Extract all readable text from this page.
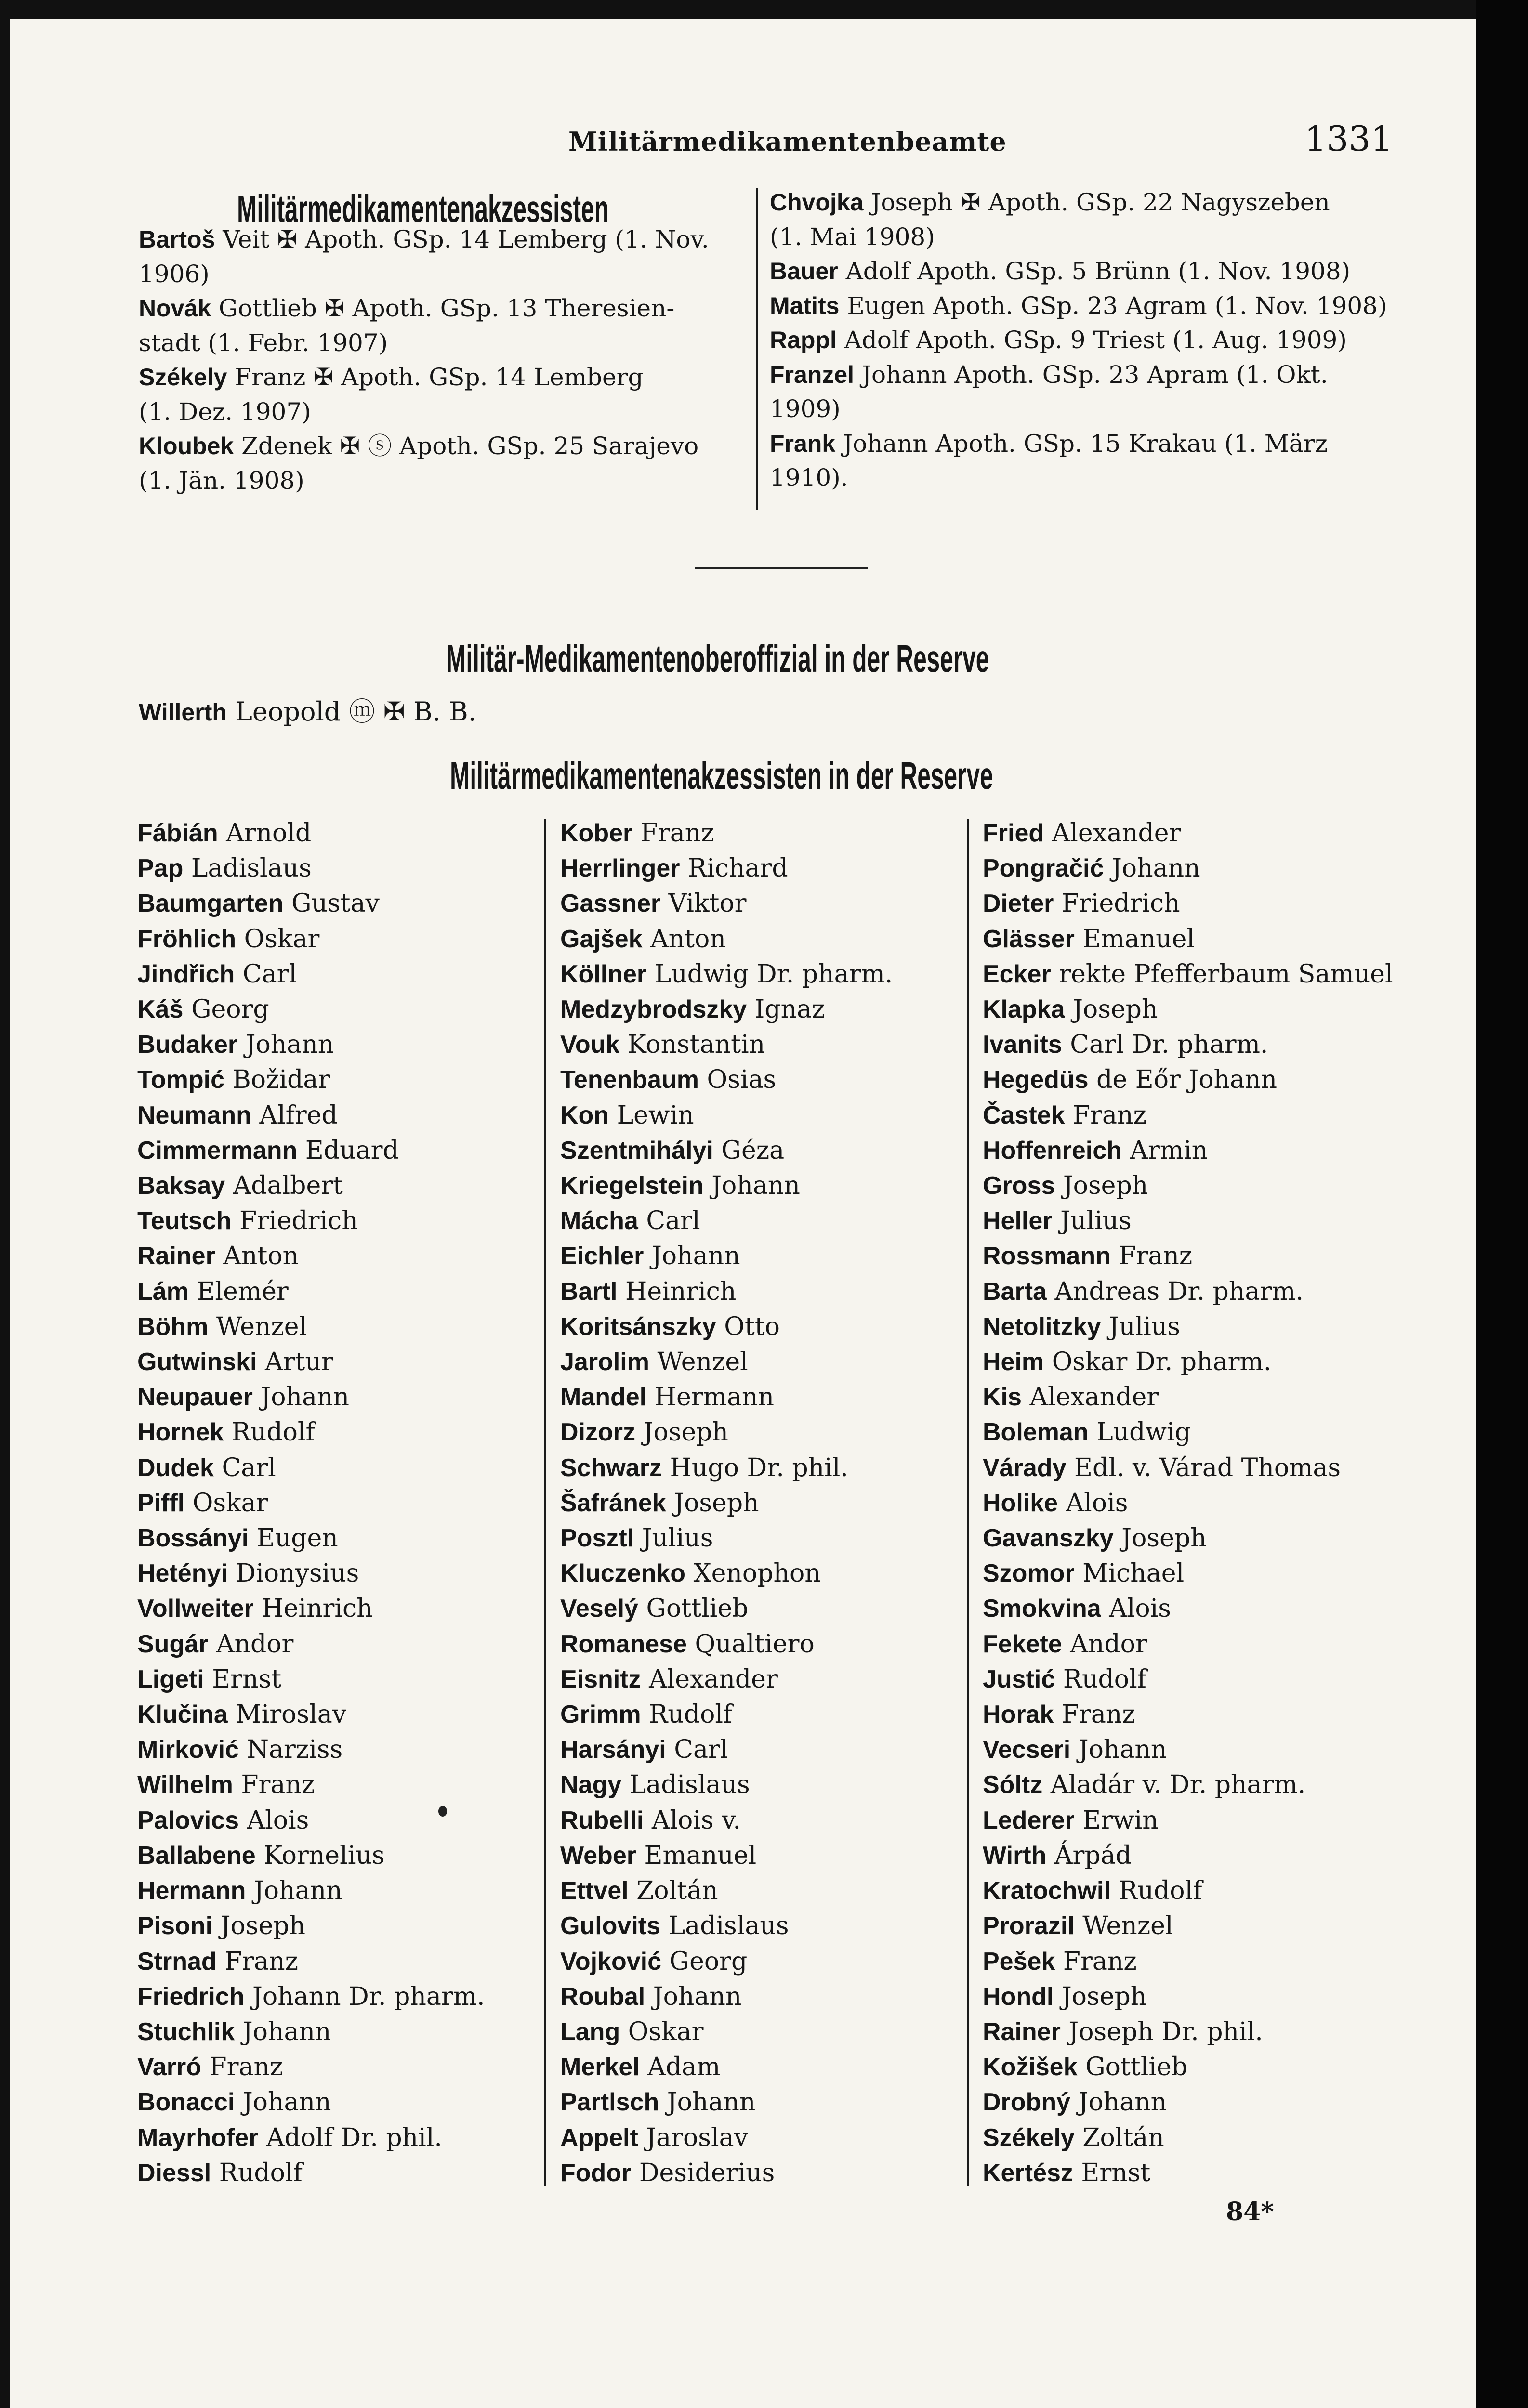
Militärmedikamentenbeamte	1331
Militärmedikamentenakzessisten
Bartoš Veit ✠ Apoth. GSp. 14 Lemberg (1. Nov.
1906)
Novák Gottlieb ✠ Apoth. GSp. 13 Theresien-
stadt (1. Febr. 1907)
Székely Franz ✠ Apoth. GSp. 14 Lemberg
(1. Dez. 1907)
Kloubek Zdenek ✠ ⓢ Apoth. GSp. 25 Sarajevo
(1. Jän. 1908)
Chvojka Joseph ✠ Apoth. GSp. 22 Nagyszeben
(1. Mai 1908)
Bauer Adolf Apoth. GSp. 5 Brünn (1. Nov. 1908)
Matits Eugen Apoth. GSp. 23 Agram (1. Nov. 1908)
Rappl Adolf Apoth. GSp. 9 Triest (1. Aug. 1909)
Franzel Johann Apoth. GSp. 23 Apram (1. Okt.
1909)
Frank Johann Apoth. GSp. 15 Krakau (1. März
1910).
Militär-Medikamentenoberoffizial in der Reserve
Willerth Leopold ⓜ ✠ B. B.
Militärmedikamentenakzessisten in der Reserve
Fábián Arnold
Pap Ladislaus
Baumgarten Gustav
Fröhlich Oskar
Jindřich Carl
Káš Georg
Budaker Johann
Tompić Božidar
Neumann Alfred
Cimmermann Eduard
Baksay Adalbert
Teutsch Friedrich
Rainer Anton
Lám Elemér
Böhm Wenzel
Gutwinski Artur
Neupauer Johann
Hornek Rudolf
Dudek Carl
Piffl Oskar
Bossányi Eugen
Hetényi Dionysius
Vollweiter Heinrich
Sugár Andor
Ligeti Ernst
Klučina Miroslav
Mirković Narziss
Wilhelm Franz
Palovics Alois
Ballabene Kornelius
Hermann Johann
Pisoni Joseph
Strnad Franz
Friedrich Johann Dr. pharm.
Stuchlik Johann
Varró Franz
Bonacci Johann
Mayrhofer Adolf Dr. phil.
Diessl Rudolf
Kober Franz
Herrlinger Richard
Gassner Viktor
Gajšek Anton
Köllner Ludwig Dr. pharm.
Medzybrodszky Ignaz
Vouk Konstantin
Tenenbaum Osias
Kon Lewin
Szentmihályi Géza
Kriegelstein Johann
Mácha Carl
Eichler Johann
Bartl Heinrich
Koritsánszky Otto
Jarolim Wenzel
Mandel Hermann
Dizorz Joseph
Schwarz Hugo Dr. phil.
Šafránek Joseph
Posztl Julius
Kluczenko Xenophon
Veselý Gottlieb
Romanese Qualtiero
Eisnitz Alexander
Grimm Rudolf
Harsányi Carl
Nagy Ladislaus
Rubelli Alois v.
Weber Emanuel
Ettvel Zoltán
Gulovits Ladislaus
Vojković Georg
Roubal Johann
Lang Oskar
Merkel Adam
Partlsch Johann
Appelt Jaroslav
Fodor Desiderius
Fried Alexander
Pongračić Johann
Dieter Friedrich
Glässer Emanuel
Ecker rekte Pfefferbaum Samuel
Klapka Joseph
Ivanits Carl Dr. pharm.
Hegedüs de Eőr Johann
Častek Franz
Hoffenreich Armin
Gross Joseph
Heller Julius
Rossmann Franz
Barta Andreas Dr. pharm.
Netolitzky Julius
Heim Oskar Dr. pharm.
Kis Alexander
Boleman Ludwig
Várady Edl. v. Várad Thomas
Holike Alois
Gavanszky Joseph
Szomor Michael
Smokvina Alois
Fekete Andor
Justić Rudolf
Horak Franz
Vecseri Johann
Sóltz Aladár v. Dr. pharm.
Lederer Erwin
Wirth Árpád
Kratochwil Rudolf
Prorazil Wenzel
Pešek Franz
Hondl Joseph
Rainer Joseph Dr. phil.
Kožišek Gottlieb
Drobný Johann
Székely Zoltán
Kertész Ernst
84*
